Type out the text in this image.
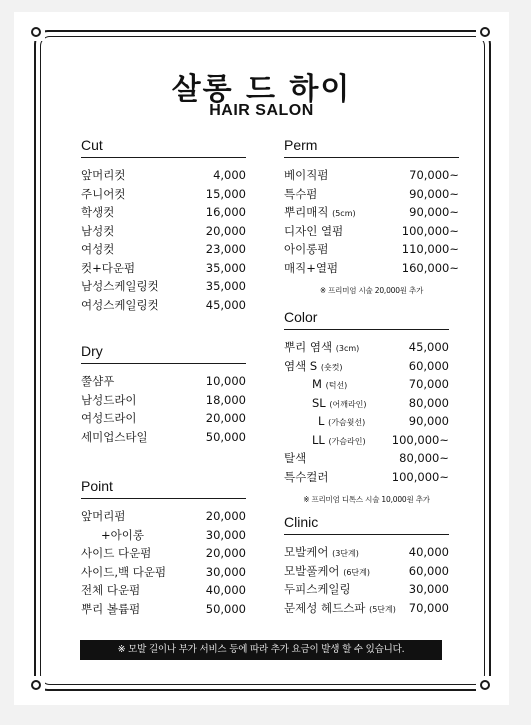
살롱 드 하이
HAIR SALON
Cut
앞머리컷	4,000
주니어컷	15,000
학생컷	16,000
남성컷	20,000
여성컷	23,000
컷+다운펌	35,000
남성스케일링컷	35,000
여성스케일링컷	45,000
Dry
쭐샴푸	10,000
남성드라이	18,000
여성드라이	20,000
세미업스타일	50,000
Point
앞머리펌	20,000
+아이롱	30,000
사이드 다운펌	20,000
사이드,백 다운펌	30,000
전체 다운펌	40,000
뿌리 볼륨펌	50,000
Perm
베이직펌	70,000~
특수펌	90,000~
뿌리매직 (5cm)	90,000~
디자인 열펌	100,000~
아이롱펌	110,000~
매직+열펌	160,000~
※ 프리미엄 시술 20,000원 추가
Color
뿌리 염색 (3cm)	45,000
염색 S (숏컷)	60,000
M (턱선)	70,000
SL (어깨라인)	80,000
L (가슴윗선)	90,000
LL (가슴라인) 100,000~
탈색	80,000~
특수컬러	100,000~
※ 프리미엄 디톡스 시술 10,000원 추가
Clinic
모발케어 (3단계)	40,000
모발풀케어 (6단계)	60,000
두피스케일링	30,000
문제성 헤드스파 (5단계) 70,000
※ 모발 길이나 부가 서비스 등에 따라 추가 요금이 발생 할 수 있습니다.
